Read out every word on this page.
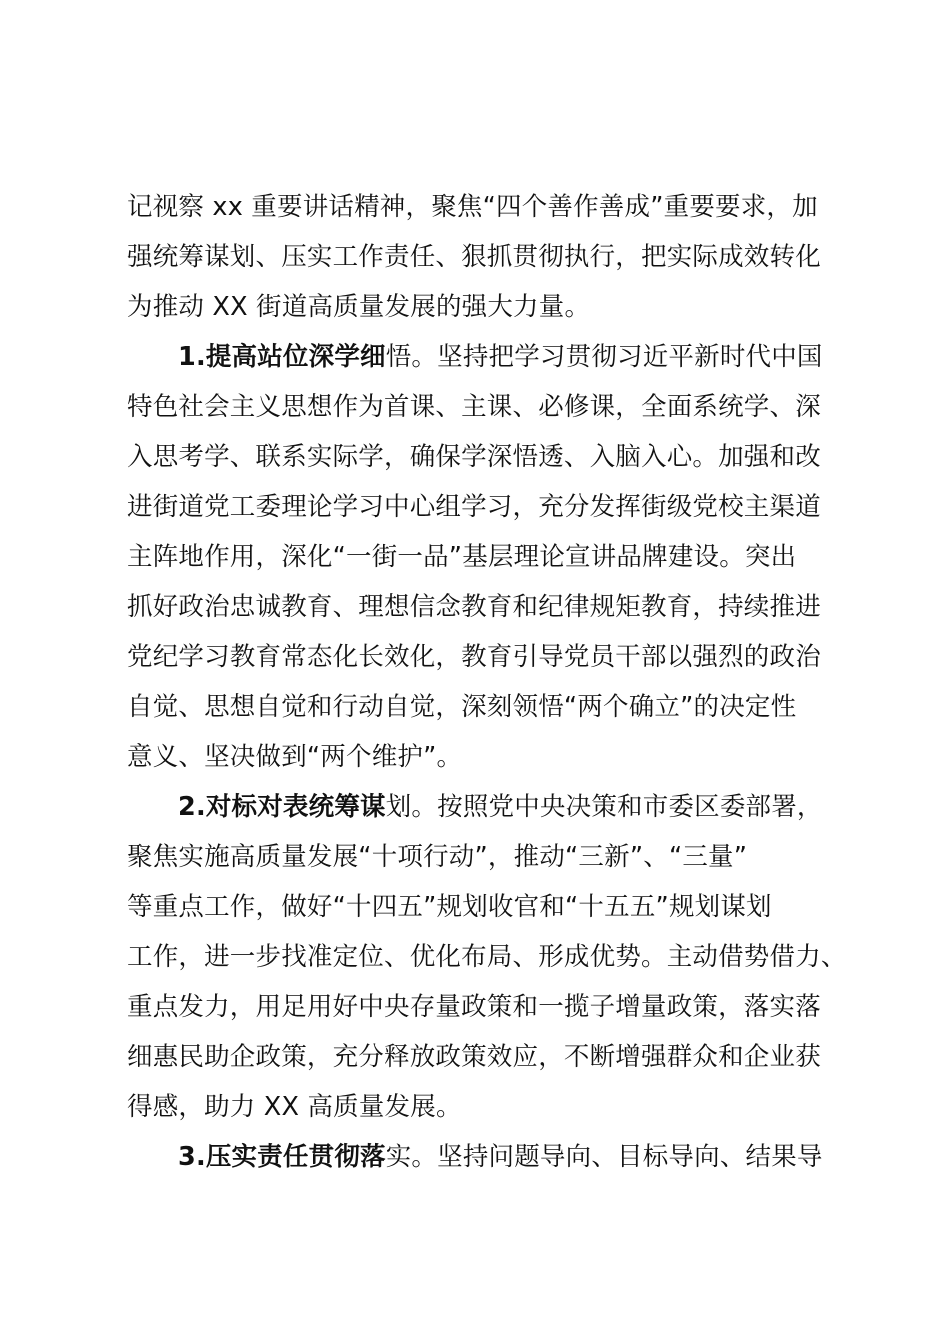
记视察 xx 重要讲话精神，聚焦“四个善作善成”重要要求，加
强统筹谋划、压实工作责任、狠抓贯彻执行，把实际成效转化
为推动 XX 街道高质量发展的强大力量。
1.提高站位深学细悟。坚持把学习贯彻习近平新时代中国
特色社会主义思想作为首课、主课、必修课，全面系统学、深
入思考学、联系实际学，确保学深悟透、入脑入心。加强和改
进街道党工委理论学习中心组学习，充分发挥街级党校主渠道
主阵地作用，深化“一街一品”基层理论宣讲品牌建设。突出
抓好政治忠诚教育、理想信念教育和纪律规矩教育，持续推进
党纪学习教育常态化长效化，教育引导党员干部以强烈的政治
自觉、思想自觉和行动自觉，深刻领悟“两个确立”的决定性
意义、坚决做到“两个维护”。
2.对标对表统筹谋划。按照党中央决策和市委区委部署，
聚焦实施高质量发展“十项行动”，推动“三新”、“三量”
等重点工作，做好“十四五”规划收官和“十五五”规划谋划
工作，进一步找准定位、优化布局、形成优势。主动借势借力、
重点发力，用足用好中央存量政策和一揽子增量政策，落实落
细惠民助企政策，充分释放政策效应，不断增强群众和企业获
得感，助力 XX 高质量发展。
3.压实责任贯彻落实。坚持问题导向、目标导向、结果导
